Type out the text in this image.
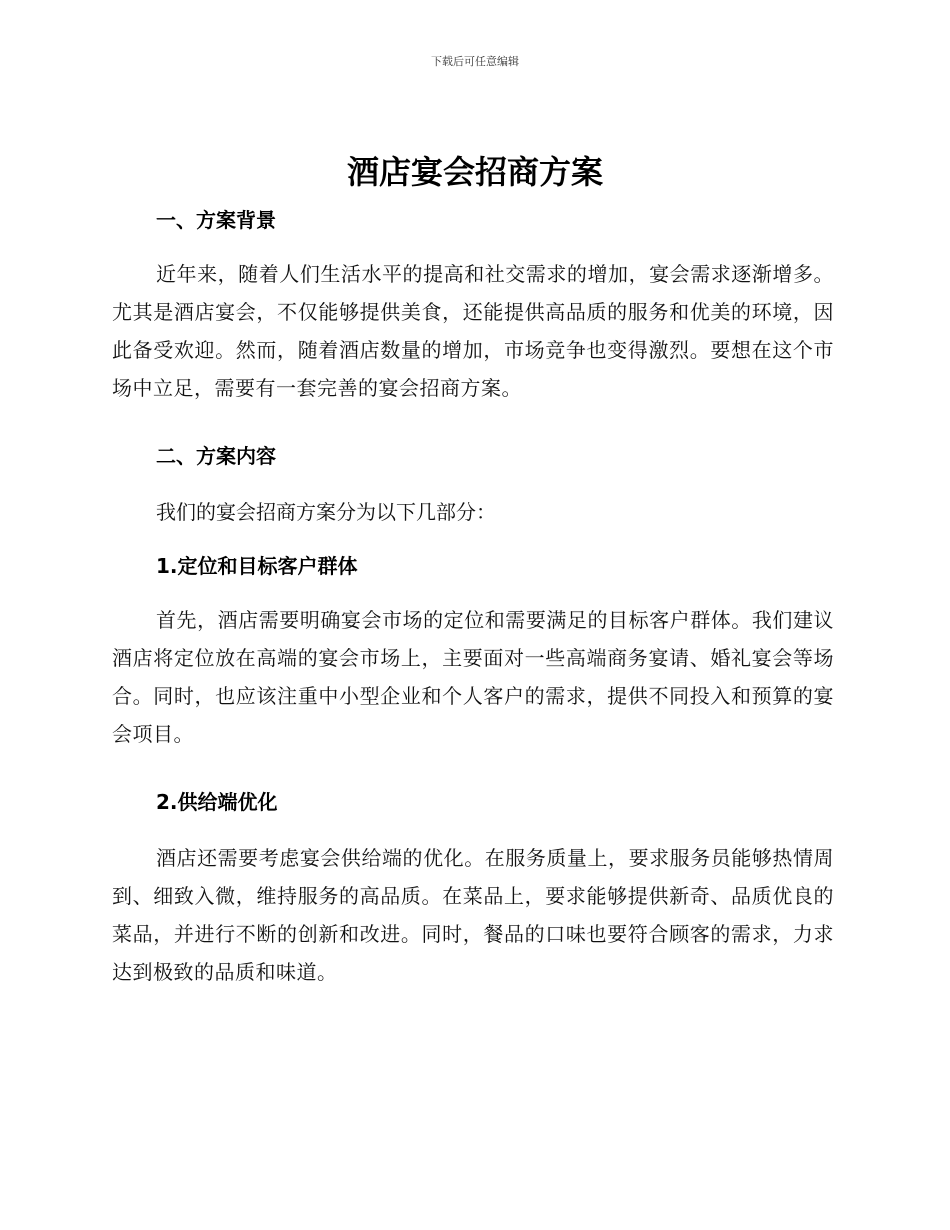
下载后可任意编辑
酒店宴会招商方案
一、方案背景

近年来，随着人们生活水平的提高和社交需求的增加，宴会需求逐渐增多。尤其是酒店宴会，不仅能够提供美食，还能提供高品质的服务和优美的环境，因此备受欢迎。然而，随着酒店数量的增加，市场竞争也变得激烈。要想在这个市场中立足，需要有一套完善的宴会招商方案。

二、方案内容

我们的宴会招商方案分为以下几部分：

1.定位和目标客户群体

首先，酒店需要明确宴会市场的定位和需要满足的目标客户群体。我们建议酒店将定位放在高端的宴会市场上，主要面对一些高端商务宴请、婚礼宴会等场合。同时，也应该注重中小型企业和个人客户的需求，提供不同投入和预算的宴会项目。

2.供给端优化

酒店还需要考虑宴会供给端的优化。在服务质量上，要求服务员能够热情周到、细致入微，维持服务的高品质。在菜品上，要求能够提供新奇、品质优良的菜品，并进行不断的创新和改进。同时，餐品的口味也要符合顾客的需求，力求达到极致的品质和味道。
